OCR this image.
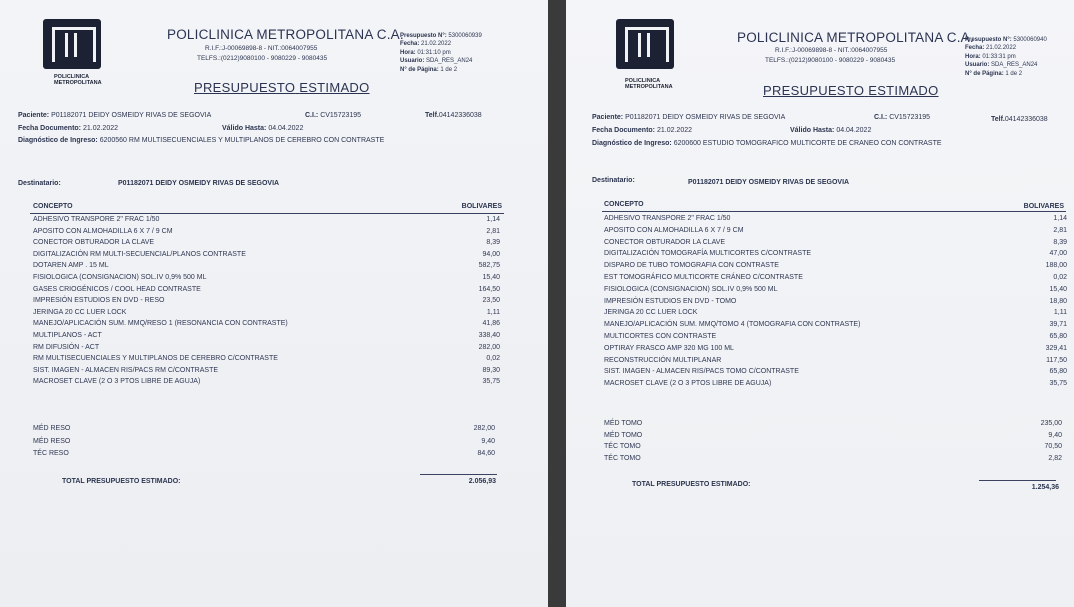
POLICLINICA
METROPOLITANA
POLICLINICA METROPOLITANA C.A.
R.I.F.:J-00069898-8 - NIT.:0064007955
TELFS.:(0212)9080100 - 9080229 - 9080435
Presupuesto N°: 5300060939
Fecha: 21.02.2022
Hora: 01:31:10 pm
Usuario: SDA_RES_AN24
N° de Página: 1 de 2
PRESUPUESTO ESTIMADO
Paciente: P01182071 DEIDY OSMEIDY RIVAS DE SEGOVIA	C.I.: CV15723195	Telf.04142336038
Fecha Documento: 21.02.2022	Válido Hasta: 04.04.2022
Diagnóstico de Ingreso: 6200560 RM MULTISECUENCIALES Y MULTIPLANOS DE CEREBRO CON CONTRASTE
Destinatario:	P01182071 DEIDY OSMEIDY RIVAS DE SEGOVIA
CONCEPTO	BOLIVARES
ADHESIVO TRANSPORE 2" FRAC 1/50	1,14
APOSITO CON ALMOHADILLA 6 X 7 / 9 CM	2,81
CONECTOR OBTURADOR LA CLAVE	8,39
DIGITALIZACIÓN RM MULTI-SECUENCIAL/PLANOS CONTRASTE	94,00
DOTAREN AMP . 15 ML	582,75
FISIOLOGICA (CONSIGNACION) SOL.IV 0,9% 500 ML	15,40
GASES CRIOGÉNICOS / COOL HEAD CONTRASTE	164,50
IMPRESIÓN ESTUDIOS EN DVD - RESO	23,50
JERINGA 20 CC LUER LOCK	1,11
MANEJO/APLICACIÓN SUM. MMQ/RESO 1 (RESONANCIA CON CONTRASTE)	41,86
MULTIPLANOS - ACT	338,40
RM DIFUSIÓN - ACT	282,00
RM MULTISECUENCIALES Y MULTIPLANOS DE CEREBRO C/CONTRASTE	0,02
SIST. IMAGEN - ALMACEN RIS/PACS RM C/CONTRASTE	89,30
MACROSET CLAVE (2 O 3 PTOS LIBRE DE AGUJA)	35,75
MÉD RESO	282,00
MÉD RESO	9,40
TÉC RESO	84,60
TOTAL PRESUPUESTO ESTIMADO:	2.056,93
POLICLINICA
METROPOLITANA
POLICLINICA METROPOLITANA C.A.
R.I.F.:J-00069898-8 - NIT.:0064007955
TELFS.:(0212)9080100 - 9080229 - 9080435
Presupuesto N°: 5300060940
Fecha: 21.02.2022
Hora: 01:33:31 pm
Usuario: SDA_RES_AN24
N° de Página: 1 de 2
PRESUPUESTO ESTIMADO
Paciente: P01182071 DEIDY OSMEIDY RIVAS DE SEGOVIA	C.I.: CV15723195	Telf.04142336038
Fecha Documento: 21.02.2022	Válido Hasta: 04.04.2022
Diagnóstico de Ingreso: 6200600 ESTUDIO TOMOGRAFICO MULTICORTE DE CRANEO CON CONTRASTE
Destinatario:	P01182071 DEIDY OSMEIDY RIVAS DE SEGOVIA
CONCEPTO	BOLIVARES
ADHESIVO TRANSPORE 2" FRAC 1/50	1,14
APOSITO CON ALMOHADILLA 6 X 7 / 9 CM	2,81
CONECTOR OBTURADOR LA CLAVE	8,39
DIGITALIZACIÓN TOMOGRAFÍA MULTICORTES C/CONTRASTE	47,00
DISPARO DE TUBO TOMOGRAFIA CON CONTRASTE	188,00
EST TOMOGRÁFICO MULTICORTE CRÁNEO C/CONTRASTE	0,02
FISIOLOGICA (CONSIGNACION) SOL.IV 0,9% 500 ML	15,40
IMPRESIÓN ESTUDIOS EN DVD - TOMO	18,80
JERINGA 20 CC LUER LOCK	1,11
MANEJO/APLICACIÓN SUM. MMQ/TOMO 4 (TOMOGRAFIA CON CONTRASTE)	39,71
MULTICORTES CON CONTRASTE	65,80
OPTIRAY FRASCO AMP 320 MG 100 ML	329,41
RECONSTRUCCIÓN MULTIPLANAR	117,50
SIST. IMAGEN - ALMACEN RIS/PACS TOMO C/CONTRASTE	65,80
MACROSET CLAVE (2 O 3 PTOS LIBRE DE AGUJA)	35,75
MÉD TOMO	235,00
MÉD TOMO	9,40
TÉC TOMO	70,50
TÉC TOMO	2,82
TOTAL PRESUPUESTO ESTIMADO:	1.254,36
